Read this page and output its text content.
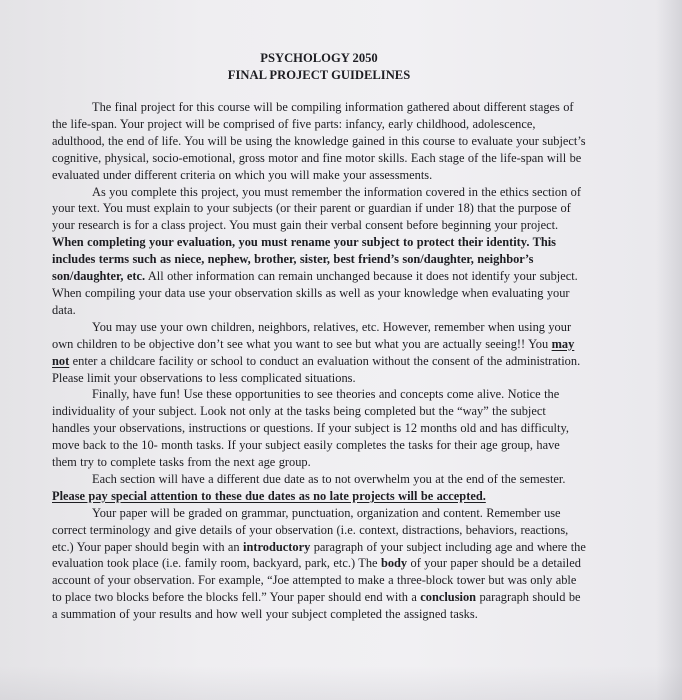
PSYCHOLOGY 2050

FINAL PROJECT GUIDELINES

The final project for this course will be compiling information gathered about different stages of the life-span. Your project will be comprised of five parts: infancy, early childhood, adolescence, adulthood, the end of life. You will be using the knowledge gained in this course to evaluate your subject’s cognitive, physical, socio-emotional, gross motor and fine motor skills. Each stage of the life-span will be evaluated under different criteria on which you will make your assessments.

As you complete this project, you must remember the information covered in the ethics section of your text. You must explain to your subjects (or their parent or guardian if under 18) that the purpose of your research is for a class project. You must gain their verbal consent before beginning your project. When completing your evaluation, you must rename your subject to protect their identity. This includes terms such as niece, nephew, brother, sister, best friend’s son/daughter, neighbor’s son/daughter, etc. All other information can remain unchanged because it does not identify your subject. When compiling your data use your observation skills as well as your knowledge when evaluating your data.

You may use your own children, neighbors, relatives, etc. However, remember when using your own children to be objective don’t see what you want to see but what you are actually seeing!! You may not enter a childcare facility or school to conduct an evaluation without the consent of the administration. Please limit your observations to less complicated situations.

Finally, have fun! Use these opportunities to see theories and concepts come alive. Notice the individuality of your subject. Look not only at the tasks being completed but the “way” the subject handles your observations, instructions or questions. If your subject is 12 months old and has difficulty, move back to the 10- month tasks. If your subject easily completes the tasks for their age group, have them try to complete tasks from the next age group.

Each section will have a different due date as to not overwhelm you at the end of the semester. Please pay special attention to these due dates as no late projects will be accepted.

Your paper will be graded on grammar, punctuation, organization and content. Remember use correct terminology and give details of your observation (i.e. context, distractions, behaviors, reactions, etc.) Your paper should begin with an introductory paragraph of your subject including age and where the evaluation took place (i.e. family room, backyard, park, etc.) The body of your paper should be a detailed account of your observation. For example, “Joe attempted to make a three-block tower but was only able to place two blocks before the blocks fell.” Your paper should end with a conclusion paragraph should be a summation of your results and how well your subject completed the assigned tasks.
